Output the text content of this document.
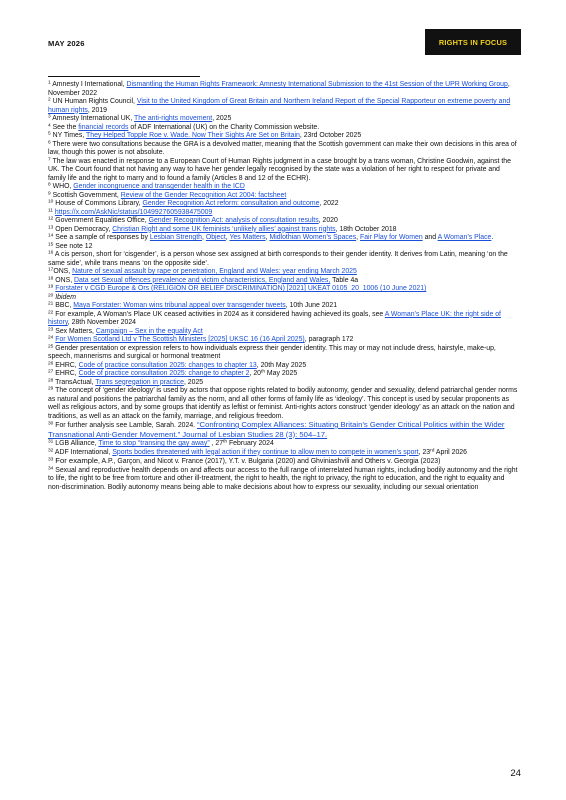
MAY 2026	RIGHTS IN FOCUS

$^1$ Amnesty I International, Dismantling the Human Rights Framework: Amnesty International Submission to the 41st Session of the UPR Working Group, November 2022

$^2$ UN Human Rights Council, Visit to the United Kingdom of Great Britain and Northern Ireland Report of the Special Rapporteur on extreme poverty and human rights, 2019

$^3$ Amnesty International UK, The anti-rights movement, 2025

$^4$ See the financial records of ADF International (UK) on the Charity Commission website.

$^5$ NY Times, They Helped Topple Roe v. Wade. Now Their Sights Are Set on Britain, 23rd October 2025

$^6$ There were two consultations because the GRA is a devolved matter, meaning that the Scottish government can make their own decisions in this area of law, though this power is not absolute.

$^7$ The law was enacted in response to a European Court of Human Rights judgment in a case brought by a trans woman, Christine Goodwin, against the UK. The Court found that not having any way to have her gender legally recognised by the state was a violation of her right to respect for private and family life and the right to marry and to found a family (Articles 8 and 12 of the ECHR).

$^8$ WHO, Gender incongruence and transgender health in the ICD

$^9$ Scottish Government, Review of the Gender Recognition Act 2004: factsheet

$^{10}$ House of Commons Library, Gender Recognition Act reform: consultation and outcome, 2022

$^{11}$ https://x.com/AskNic/status/1049927605938475009

$^{12}$ Government Equalities Office, Gender Recognition Act: analysis of consultation results, 2020

$^{13}$ Open Democracy, Christian Right and some UK feminists ‘unlikely allies’ against trans rights, 18th October 2018

$^{14}$ See a sample of responses by Lesbian Strength, Object, Yes Matters, Midlothian Women’s Spaces, Fair Play for Women and A Woman’s Place.

$^{15}$ See note 12

$^{16}$ A cis person, short for ‘cisgender’, is a person whose sex assigned at birth corresponds to their gender identity. It derives from Latin, meaning ‘on the same side’, while trans means ‘on the opposite side’.

$^{17}$ONS, Nature of sexual assault by rape or penetration, England and Wales: year ending March 2025

$^{18}$ ONS, Data set Sexual offences prevalence and victim characteristics, England and Wales, Table 4a

$^{19}$ Forstater v CGD Europe & Ors (RELIGION OR BELIEF DISCRIMINATION) [2021] UKEAT 0105_20_1006 (10 June 2021)

$^{20}$ Ibidem

$^{21}$ BBC, Maya Forstater: Woman wins tribunal appeal over transgender tweets, 10th June 2021

$^{22}$ For example, A Woman’s Place UK ceased activities in 2024 as it considered having achieved its goals, see A Woman’s Place UK: the right side of history, 28th November 2024

$^{23}$ Sex Matters, Campaign – Sex in the equality Act

$^{24}$ For Women Scotland Ltd v The Scottish Ministers [2025] UKSC 16 (16 April 2025), paragraph 172

$^{25}$ Gender presentation or expression refers to how individuals express their gender identity. This may or may not include dress, hairstyle, make-up, speech, mannerisms and surgical or hormonal treatment

$^{26}$ EHRC, Code of practice consultation 2025: changes to chapter 13, 20th May 2025

$^{27}$ EHRC, Code of practice consultation 2025: change to chapter 2, 20th May 2025

$^{28}$ TransActual, Trans segregation in practice, 2025

$^{29}$ The concept of ‘gender ideology’ is used by actors that oppose rights related to bodily autonomy, gender and sexuality, defend patriarchal gender norms as natural and positions the patriarchal family as the norm, and all other forms of family life as ‘ideology’. This concept is used by secular proponents as well as religious actors, and by some groups that identify as leftist or feminist. Anti-rights actors construct ‘gender ideology’ as an attack on the nation and traditions, as well as an attack on the family, marriage, and religious freedom.

$^{30}$ For further analysis see Lamble, Sarah. 2024. “Confronting Complex Alliances: Situating Britain’s Gender Critical Politics within the Wider Transnational Anti-Gender Movement.” Journal of Lesbian Studies 28 (3): 504–17.

$^{31}$ LGB Alliance, Time to stop “transing the gay away” , 27th February 2024

$^{32}$ ADF International, Sports bodies threatened with legal action if they continue to allow men to compete in women’s sport, 23rd April 2026

$^{33}$ For example, A.P., Garçon, and Nicot v. France (2017), Y.T. v. Bulgaria (2020) and Ghviniashvili and Others v. Georgia (2023)

$^{34}$ Sexual and reproductive health depends on and affects our access to the full range of interrelated human rights, including bodily autonomy and the right to life, the right to be free from torture and other ill-treatment, the right to health, the right to privacy, the right to education, and the right to equality and non-discrimination. Bodily autonomy means being able to make decisions about how to express our sexuality, including our sexual orientation

24
